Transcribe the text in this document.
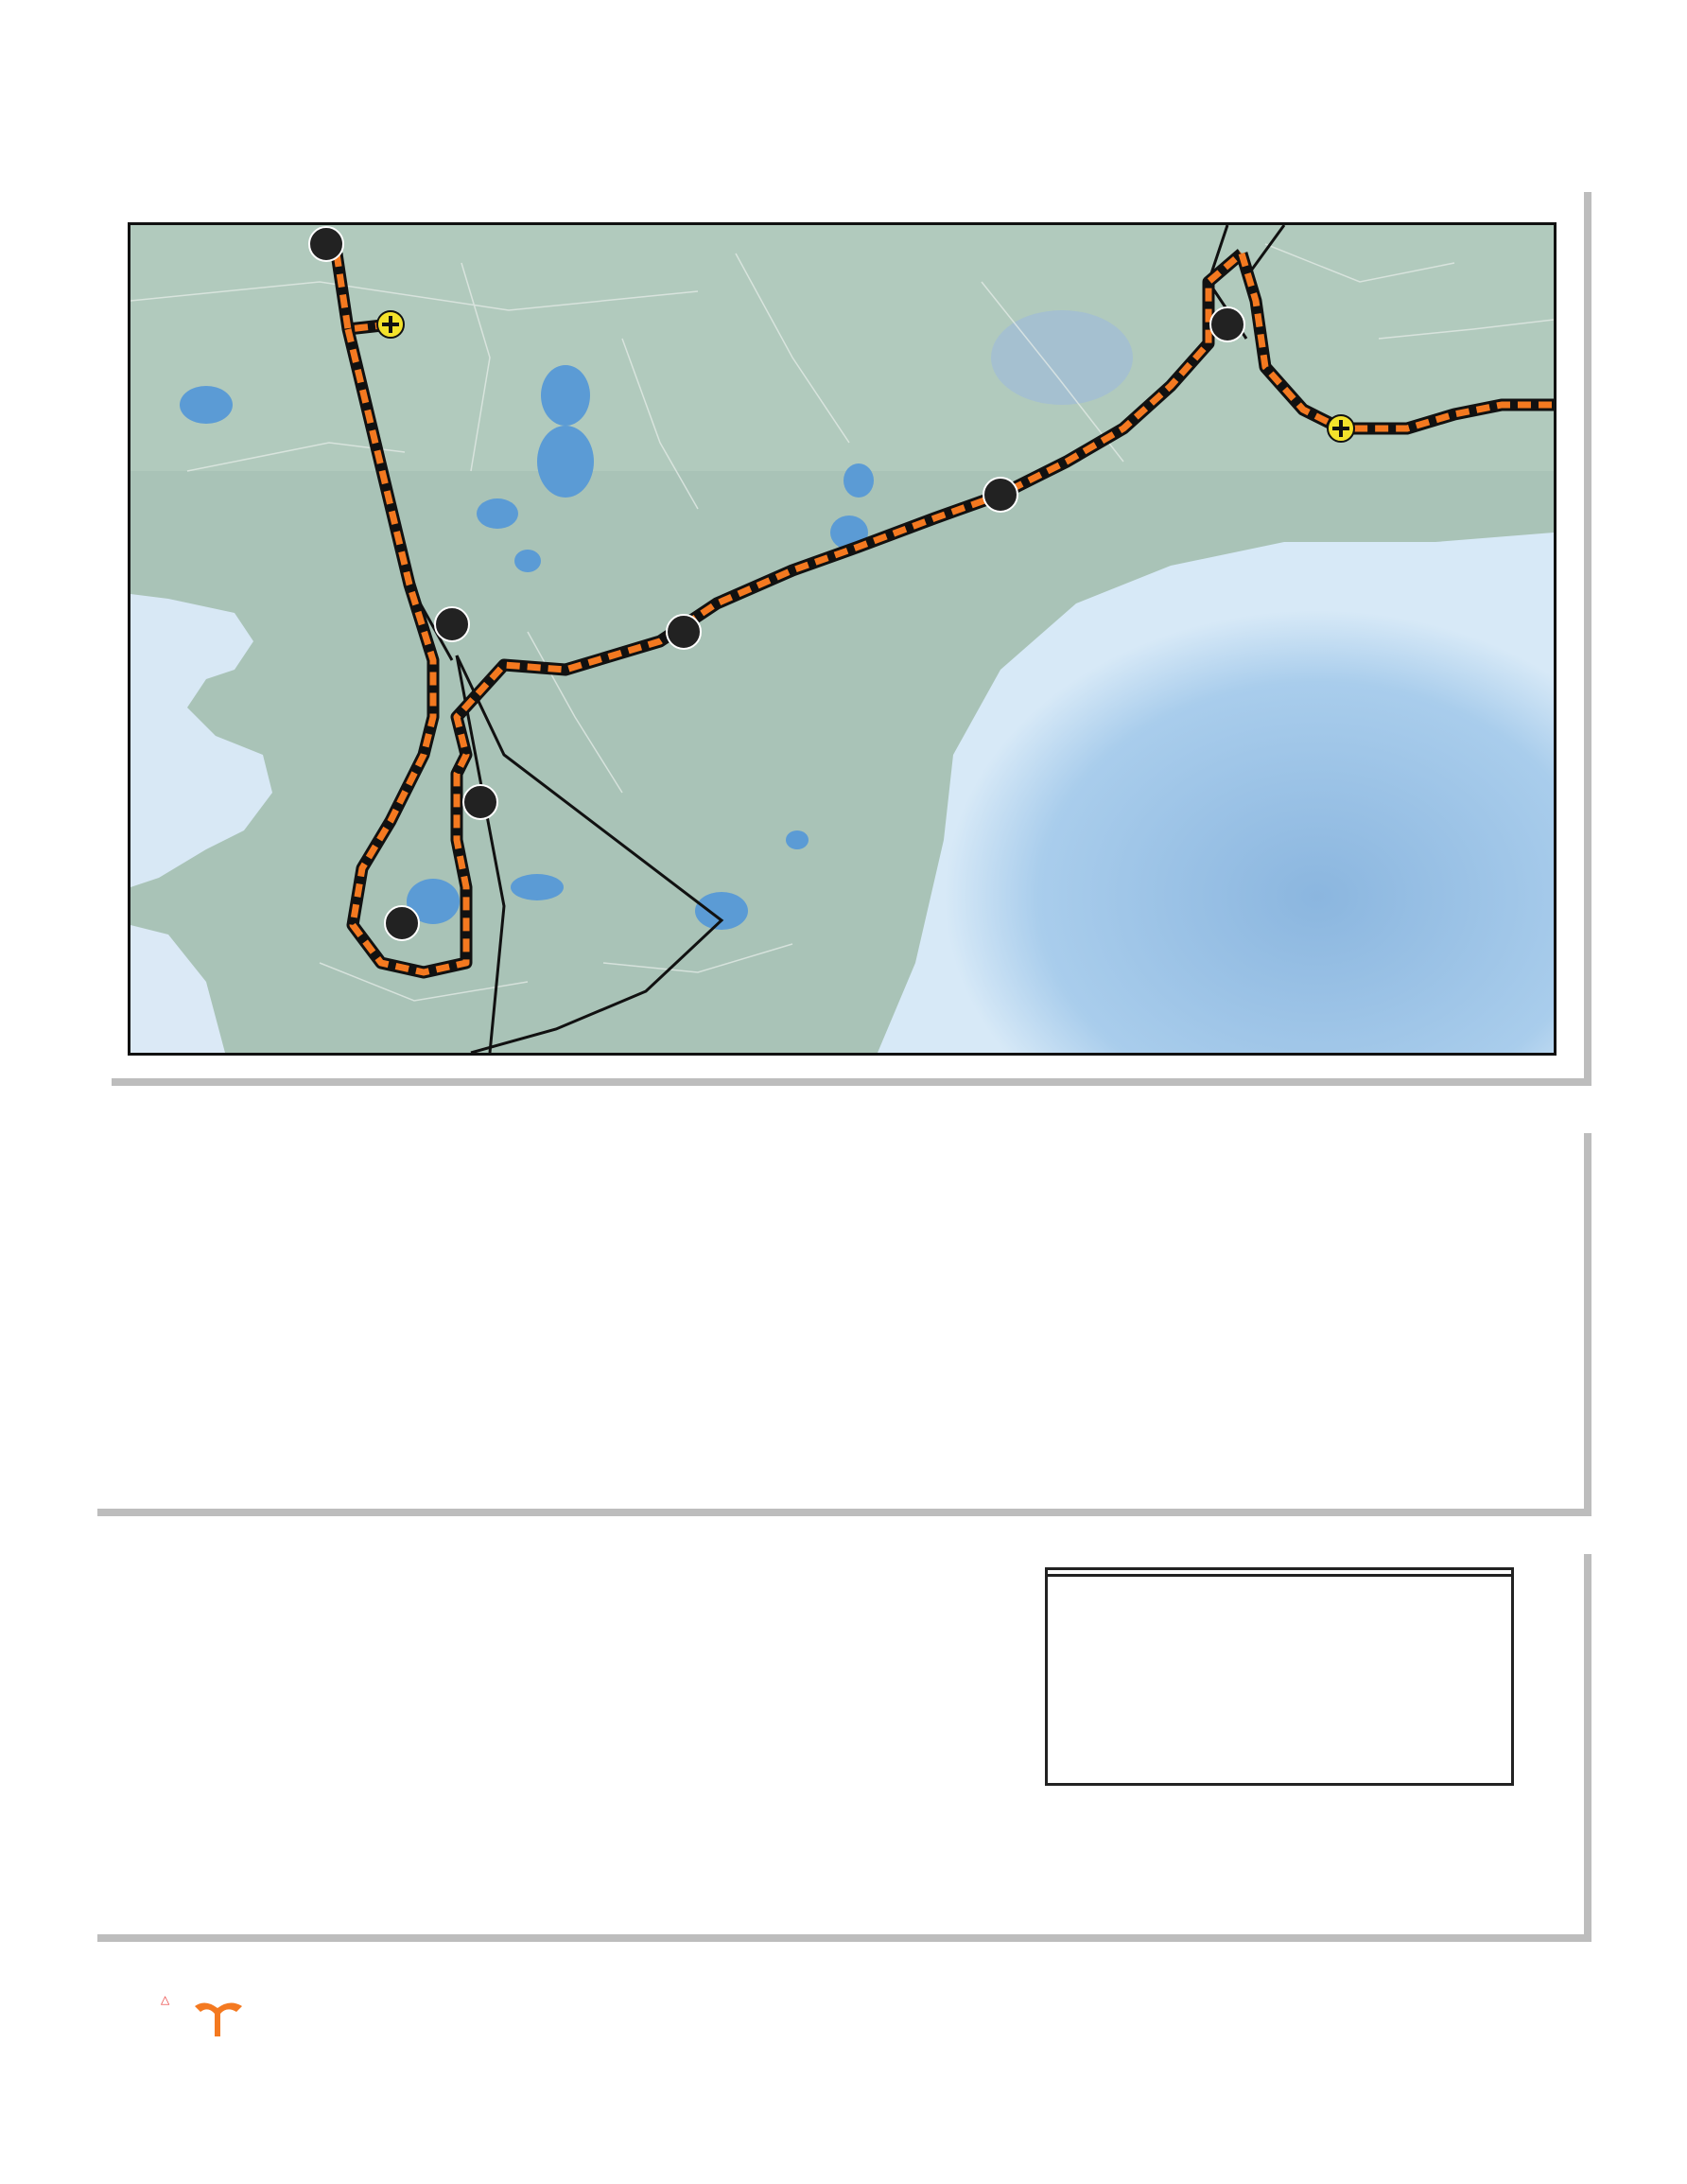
△
